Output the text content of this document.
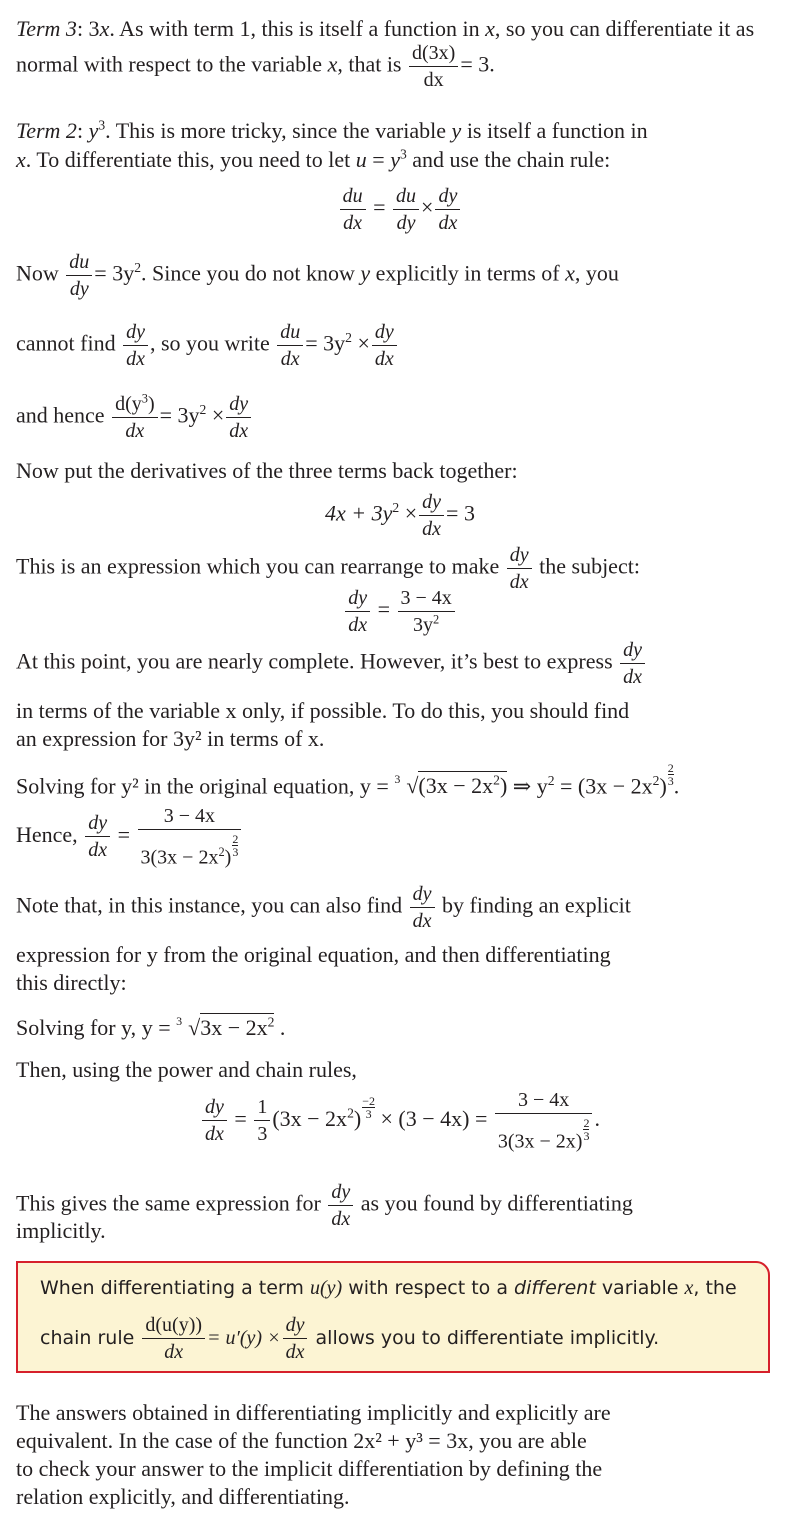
Term 3: 3x. As with term 1, this is itself a function in x, so you can differentiate it as normal with respect to the variable x, that is $\frac{d(3x)}{dx} = 3$.
Term 2: $y^3$. This is more tricky, since the variable y is itself a function in
x. To differentiate this, you need to let $u = y^3$ and use the chain rule:
$\frac{du}{dx} = \frac{du}{dy} \times \frac{dy}{dx}$
Now $\frac{du}{dy} = 3y^2$. Since you do not know y explicitly in terms of x, you
cannot find $\frac{dy}{dx}$ , so you write $\frac{du}{dx} = 3y^2 \times \frac{dy}{dx}$
and hence $\frac{d(y^3)}{dx} = 3y^2 \times \frac{dy}{dx}$
Now put the derivatives of the three terms back together:
$4x + 3y^2 \times \frac{dy}{dx} = 3$
This is an expression which you can rearrange to make $\frac{dy}{dx}$ the subject:
$\frac{dy}{dx} = \frac{3 - 4x}{3y^2}$
At this point, you are nearly complete. However, it’s best to express $\frac{dy}{dx}$
in terms of the variable x only, if possible. To do this, you should find
an expression for 3y² in terms of x.
Solving for y² in the original equation, y = 3 $√(3x - 2x^2)$ ⇒ $y^2 = (3x - 2x^2) \frac{2}{3}$ .
Hence, $\frac{dy}{dx} = \frac{3 - 4x}{3(3x - 2x^2) \frac{2}{3}}$
Note that, in this instance, you can also find $\frac{dy}{dx}$ by finding an explicit
expression for y from the original equation, and then differentiating
this directly:
Solving for y, y = 3 $√3x - 2x^2$ .
Then, using the power and chain rules,
$\frac{dy}{dx} = \frac{1}{3} (3x - 2x^2) \frac{-2}{3} \times (3 - 4x) = \frac{3 - 4x}{3(3x - 2x) \frac{2}{3}}$ .
This gives the same expression for $\frac{dy}{dx}$ as you found by differentiating
implicitly.
When differentiating a term u(y) with respect to a different variable x, the
chain rule $\frac{d(u(y))}{dx} = u'(y) \times \frac{dy}{dx}$ allows you to differentiate implicitly.
The answers obtained in differentiating implicitly and explicitly are
equivalent. In the case of the function 2x² + y³ = 3x, you are able
to check your answer to the implicit differentiation by defining the
relation explicitly, and differentiating.
